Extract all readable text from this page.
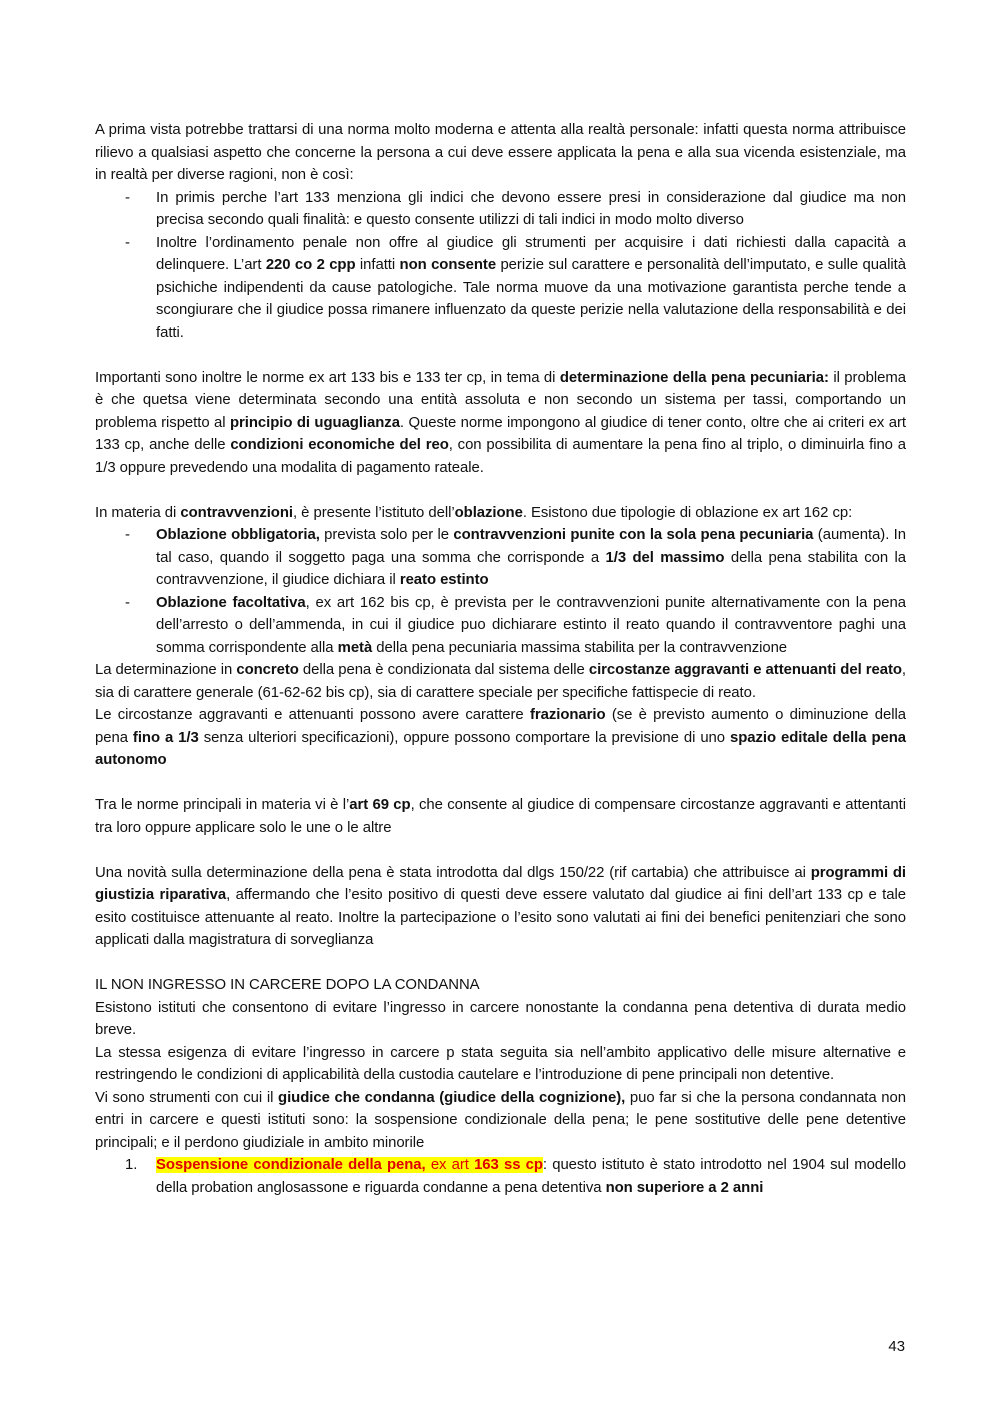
A prima vista potrebbe trattarsi di una norma molto moderna e attenta alla realtà personale: infatti questa norma attribuisce rilievo a qualsiasi aspetto che concerne la persona a cui deve essere applicata la pena e alla sua vicenda esistenziale, ma in realtà per diverse ragioni, non è così:

- In primis perche l’art 133 menziona gli indici che devono essere presi in considerazione dal giudice ma non precisa secondo quali finalità: e questo consente utilizzi di tali indici in modo molto diverso
- Inoltre l’ordinamento penale non offre al giudice gli strumenti per acquisire i dati richiesti dalla capacità a delinquere. L’art 220 co 2 cpp infatti non consente perizie sul carattere e personalità dell’imputato, e sulle qualità psichiche indipendenti da cause patologiche. Tale norma muove da una motivazione garantista perche tende a scongiurare che il giudice possa rimanere influenzato da queste perizie nella valutazione della responsabilità e dei fatti.

Importanti sono inoltre le norme ex art 133 bis e 133 ter cp, in tema di determinazione della pena pecuniaria: il problema è che quetsa viene determinata secondo una entità assoluta e non secondo un sistema per tassi, comportando un problema rispetto al principio di uguaglianza. Queste norme impongono al giudice di tener conto, oltre che ai criteri ex art 133 cp, anche delle condizioni economiche del reo, con possibilita di aumentare la pena fino al triplo, o diminuirla fino a 1/3 oppure prevedendo una modalita di pagamento rateale.

In materia di contravvenzioni, è presente l’istituto dell’oblazione. Esistono due tipologie di oblazione ex art 162 cp:

- Oblazione obbligatoria, prevista solo per le contravvenzioni punite con la sola pena pecuniaria (aumenta). In tal caso, quando il soggetto paga una somma che corrisponde a 1/3 del massimo della pena stabilita con la contravvenzione, il giudice dichiara il reato estinto
- Oblazione facoltativa, ex art 162 bis cp, è prevista per le contravvenzioni punite alternativamente con la pena dell’arresto o dell’ammenda, in cui il giudice puo dichiarare estinto il reato quando il contravventore paghi una somma corrispondente alla metà della pena pecuniaria massima stabilita per la contravvenzione

La determinazione in concreto della pena è condizionata dal sistema delle circostanze aggravanti e attenuanti del reato, sia di carattere generale (61-62-62 bis cp), sia di carattere speciale per specifiche fattispecie di reato.

Le circostanze aggravanti e attenuanti possono avere carattere frazionario (se è previsto aumento o diminuzione della pena fino a 1/3 senza ulteriori specificazioni), oppure possono comportare la previsione di uno spazio editale della pena autonomo

Tra le norme principali in materia vi è l’art 69 cp, che consente al giudice di compensare circostanze aggravanti e attentanti tra loro oppure applicare solo le une o le altre

Una novità sulla determinazione della pena è stata introdotta dal dlgs 150/22 (rif cartabia) che attribuisce ai programmi di giustizia riparativa, affermando che l’esito positivo di questi deve essere valutato dal giudice ai fini dell’art 133 cp e tale esito costituisce attenuante al reato. Inoltre la partecipazione o l’esito sono valutati ai fini dei benefici penitenziari che sono applicati dalla magistratura di sorveglianza

IL NON INGRESSO IN CARCERE DOPO LA CONDANNA

Esistono istituti che consentono di evitare l’ingresso in carcere nonostante la condanna pena detentiva di durata medio breve.

La stessa esigenza di evitare l’ingresso in carcere p stata seguita sia nell’ambito applicativo delle misure alternative e restringendo le condizioni di applicabilità della custodia cautelare e l’introduzione di pene principali non detentive.

Vi sono strumenti con cui il giudice che condanna (giudice della cognizione), puo far si che la persona condannata non entri in carcere e questi istituti sono: la sospensione condizionale della pena; le pene sostitutive delle pene detentive principali; e il perdono giudiziale in ambito minorile

1. Sospensione condizionale della pena, ex art 163 ss cp: questo istituto è stato introdotto nel 1904 sul modello della probation anglosassone e riguarda condanne a pena detentiva non superiore a 2 anni
43
